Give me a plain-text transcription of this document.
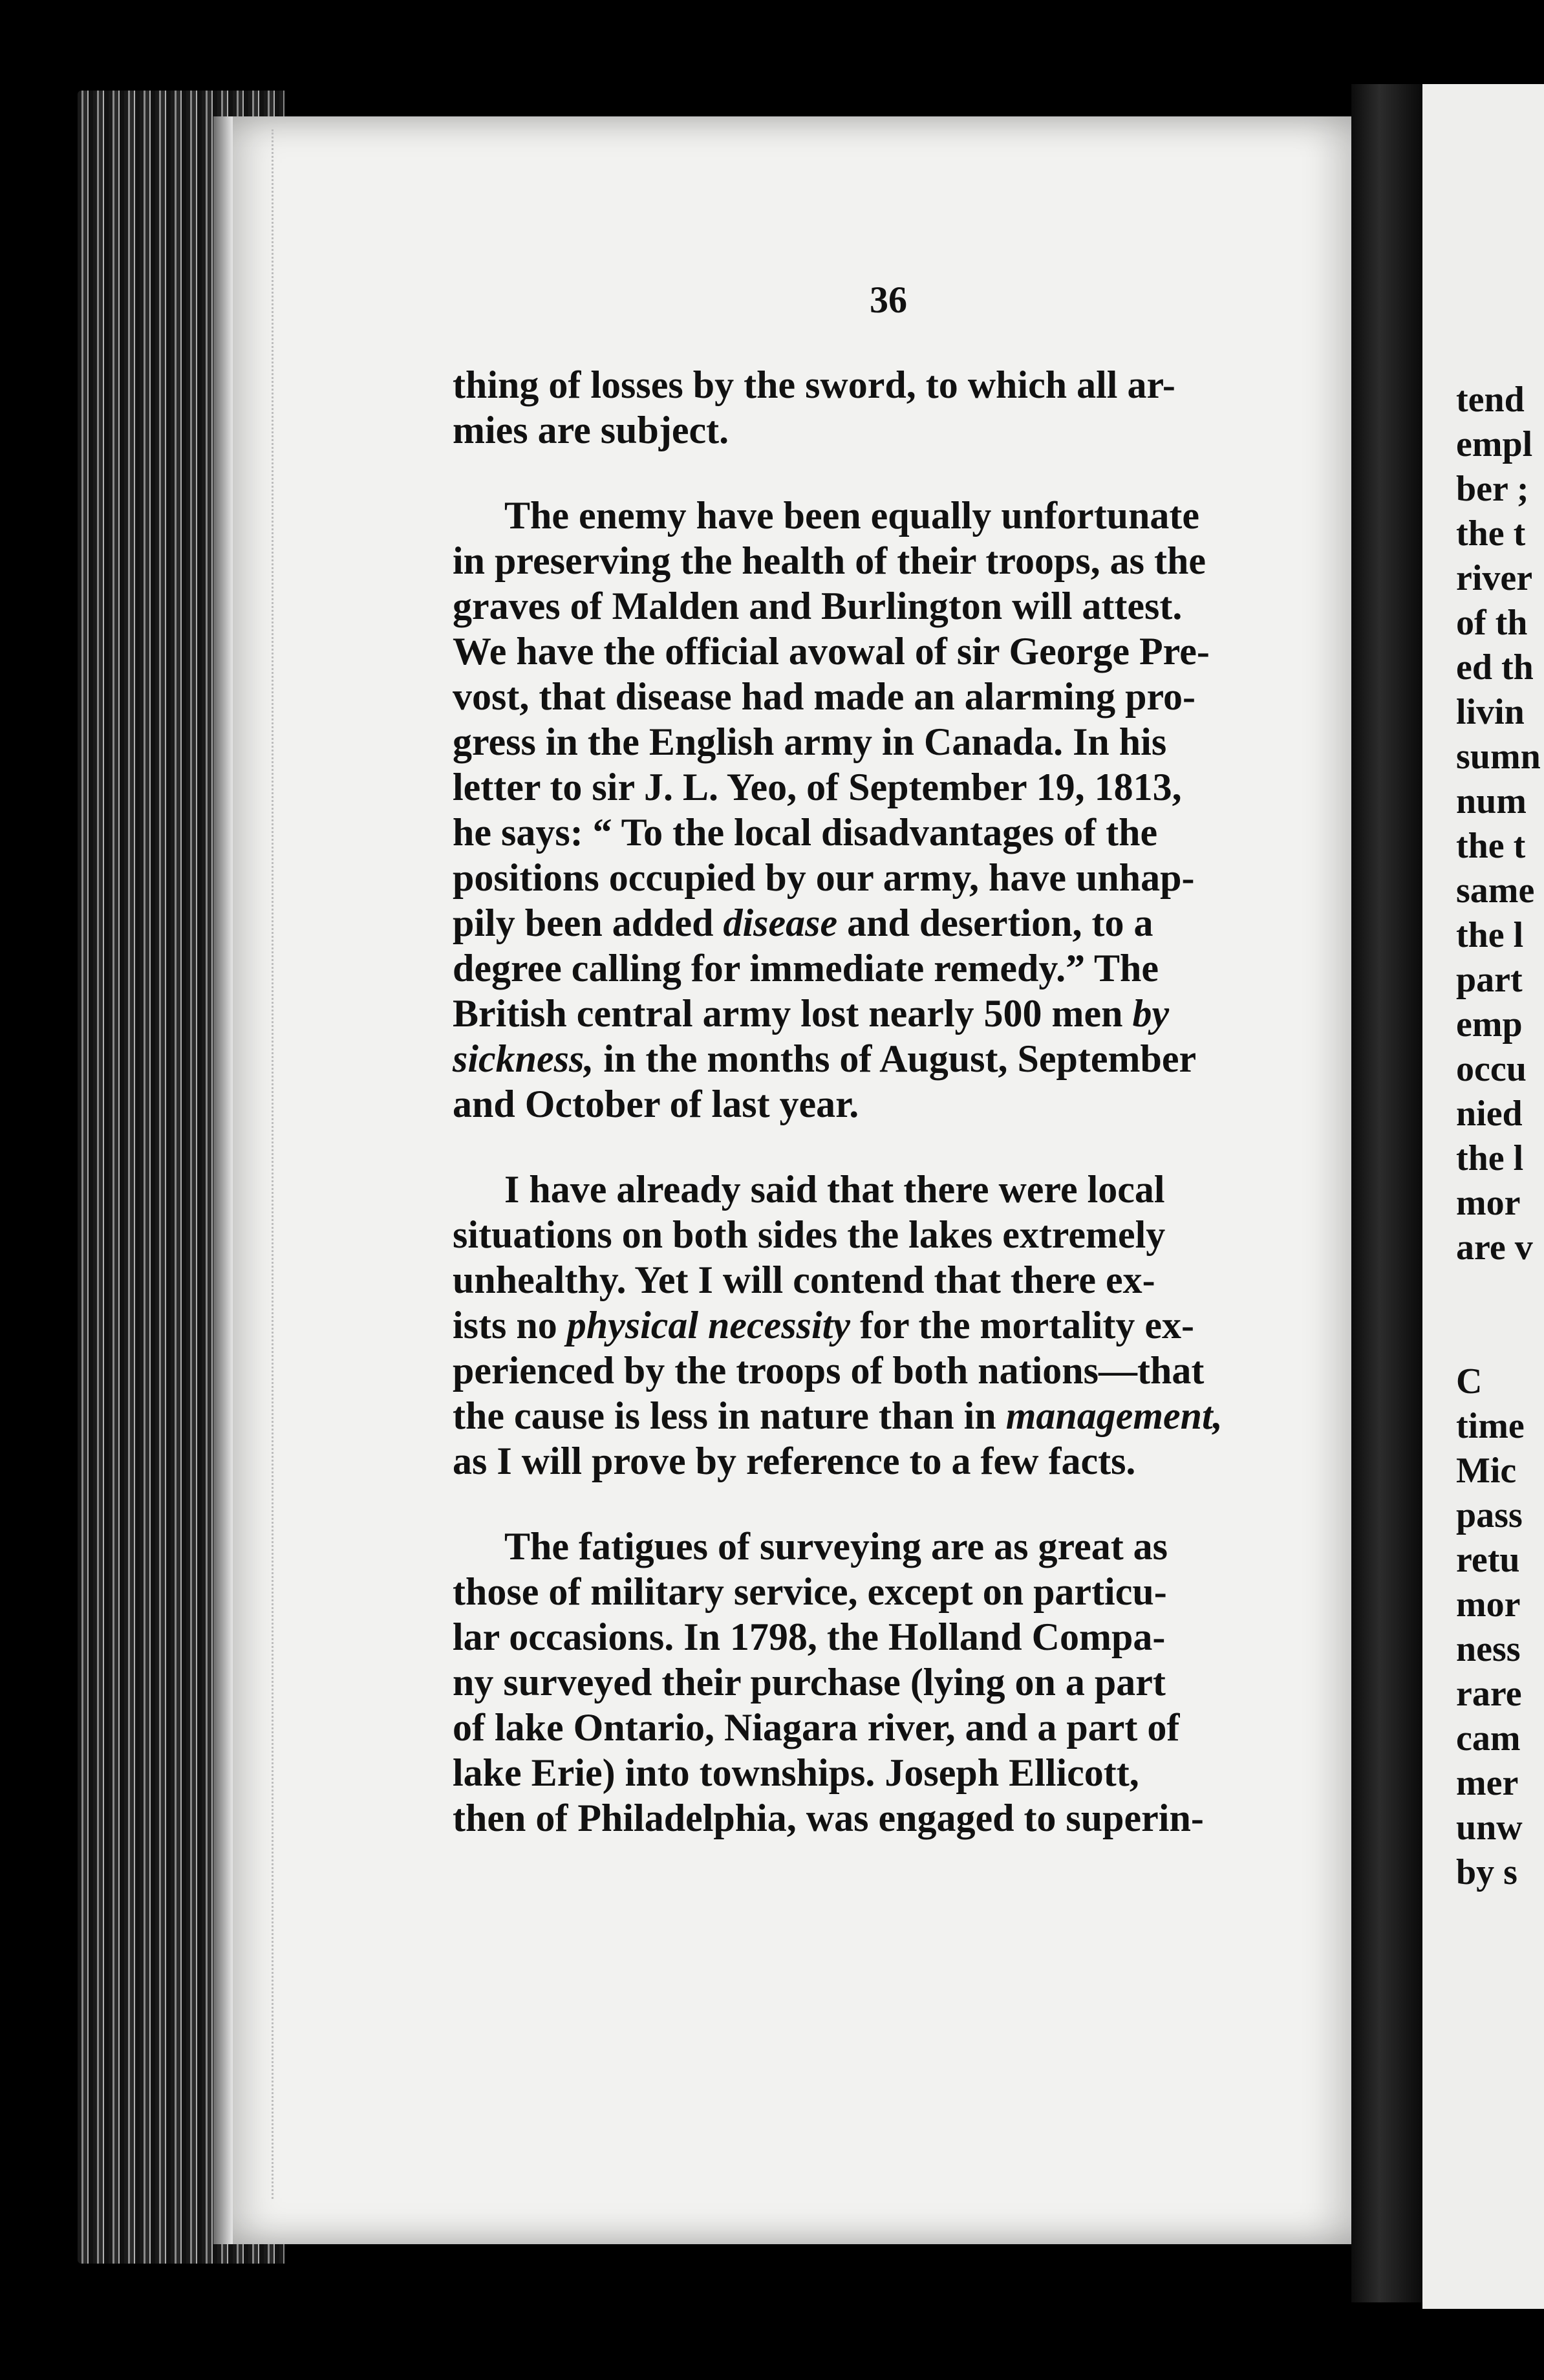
tend

empl

ber ;

the t

river

of th

ed th

livin

sumn

num

the t

same

the l

part

emp

occu

nied

the l

mor

are v

C

time

Mic

pass

retu

mor

ness

rare

cam

mer

unw

by s

36
thing of losses by the sword, to which all ar-
mies are subject.
The enemy have been equally unfortunate
in preserving the health of their troops, as the
graves of Malden and Burlington will attest.
We have the official avowal of sir George Pre-
vost, that disease had made an alarming pro-
gress in the English army in Canada. In his
letter to sir J. L. Yeo, of September 19, 1813,
he says: “ To the local disadvantages of the
positions occupied by our army, have unhap-
pily been added disease and desertion, to a
degree calling for immediate remedy.” The
British central army lost nearly 500 men by
sickness, in the months of August, September
and October of last year.
I have already said that there were local
situations on both sides the lakes extremely
unhealthy. Yet I will contend that there ex-
ists no physical necessity for the mortality ex-
perienced by the troops of both nations—that
the cause is less in nature than in management,
as I will prove by reference to a few facts.
The fatigues of surveying are as great as
those of military service, except on particu-
lar occasions. In 1798, the Holland Compa-
ny surveyed their purchase (lying on a part
of lake Ontario, Niagara river, and a part of
lake Erie) into townships. Joseph Ellicott,
then of Philadelphia, was engaged to superin-
